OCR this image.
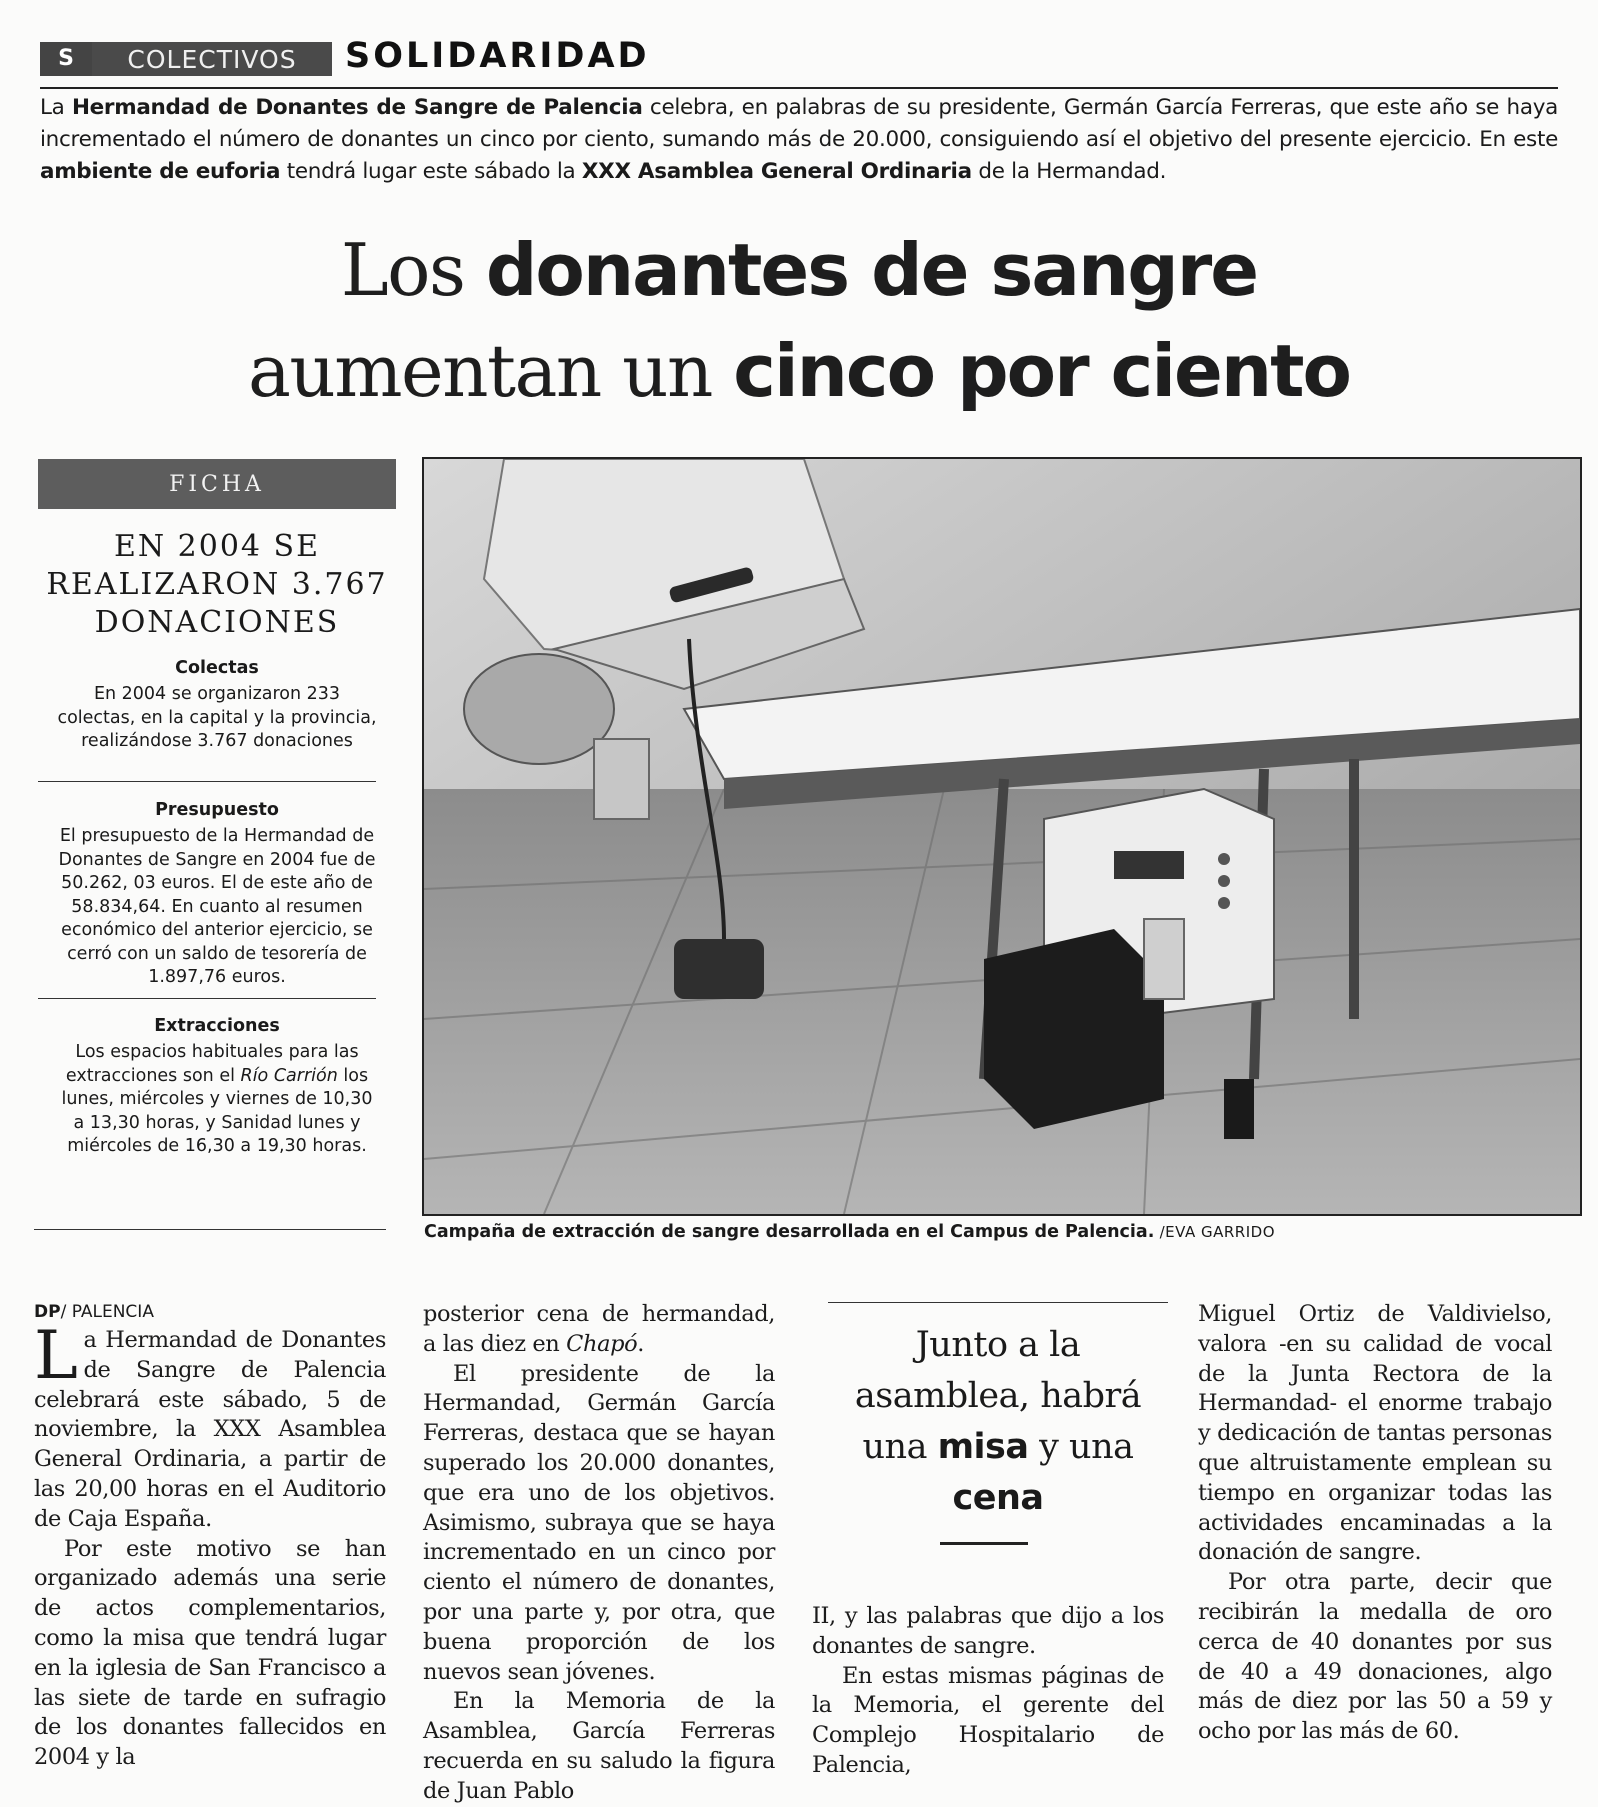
S	COLECTIVOS	SOLIDARIDAD
La Hermandad de Donantes de Sangre de Palencia celebra, en palabras de su presidente, Germán García Ferreras, que este año se haya incrementado el número de donantes un cinco por ciento, sumando más de 20.000, consiguiendo así el objetivo del presente ejercicio. En este ambiente de euforia tendrá lugar este sábado la XXX Asamblea General Ordinaria de la Hermandad.
Los donantes de sangre
aumentan un cinco por ciento
FICHA
EN 2004 SE
REALIZARON 3.767
DONACIONES
Colectas
En 2004 se organizaron 233 colectas, en la capital y la provincia, realizándose 3.767 donaciones
Presupuesto
El presupuesto de la Hermandad de Donantes de Sangre en 2004 fue de 50.262, 03 euros. El de este año de 58.834,64. En cuanto al resumen económico del anterior ejercicio, se cerró con un saldo de tesorería de 1.897,76 euros.
Extracciones
Los espacios habituales para las extracciones son el Río Carrión los lunes, miércoles y viernes de 10,30 a 13,30 horas, y Sanidad lunes y miércoles de 16,30 a 19,30 horas.
Campaña de extracción de sangre desarrollada en el Campus de Palencia. /EVA GARRIDO
DP/ PALENCIA

La Hermandad de Donantes de Sangre de Palencia celebrará este sábado, 5 de noviembre, la XXX Asamblea General Ordinaria, a partir de las 20,00 horas en el Auditorio de Caja España.

Por este motivo se han organizado además una serie de actos complementarios, como la misa que tendrá lugar en la iglesia de San Francisco a las siete de tarde en sufragio de los donantes fallecidos en 2004 y la

posterior cena de hermandad, a las diez en Chapó.

El presidente de la Hermandad, Germán García Ferreras, destaca que se hayan superado los 20.000 donantes, que era uno de los objetivos. Asimismo, subraya que se haya incrementado en un cinco por ciento el número de donantes, por una parte y, por otra, que buena proporción de los nuevos sean jóvenes.

En la Memoria de la Asamblea, García Ferreras recuerda en su saludo la figura de Juan Pablo

Junto a la
asamblea, habrá
una misa y una
cena

II, y las palabras que dijo a los donantes de sangre.

En estas mismas páginas de la Memoria, el gerente del Complejo Hospitalario de Palencia,

Miguel Ortiz de Valdivielso, valora -en su calidad de vocal de la Junta Rectora de la Hermandad- el enorme trabajo y dedicación de tantas personas que altruistamente emplean su tiempo en organizar todas las actividades encaminadas a la donación de sangre.

Por otra parte, decir que recibirán la medalla de oro cerca de 40 donantes por sus de 40 a 49 donaciones, algo más de diez por las 50 a 59 y ocho por las más de 60.
